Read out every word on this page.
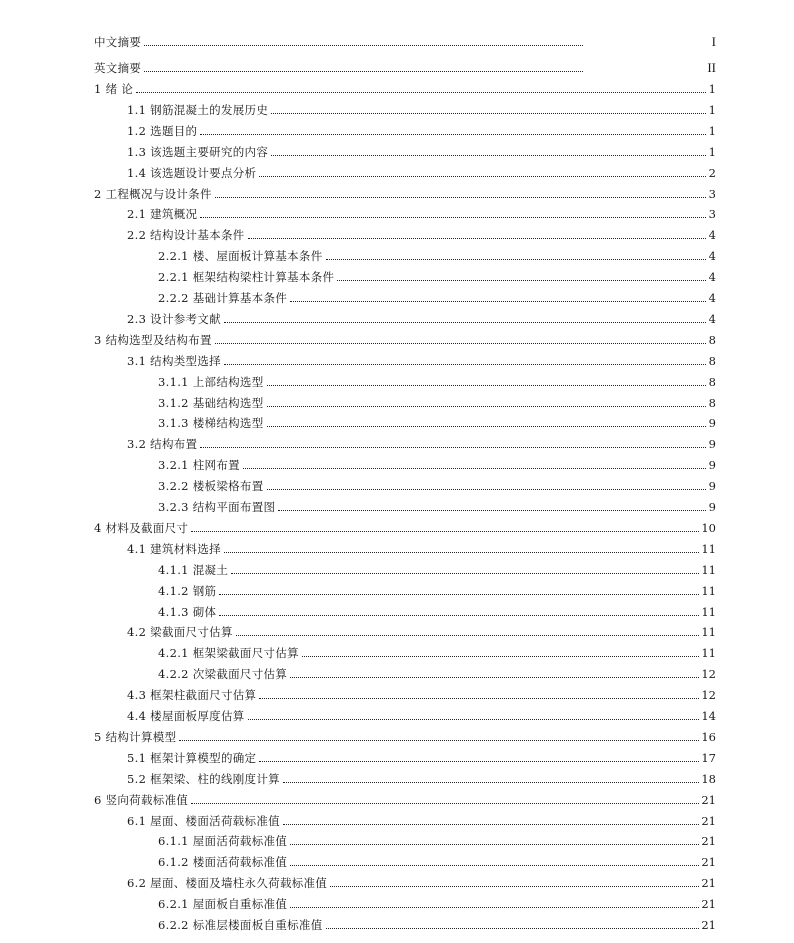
中文摘要	I
英文摘要	II
1 绪 论	1
1.1 钢筋混凝土的发展历史	1
1.2 选题目的	1
1.3 该选题主要研究的内容	1
1.4 该选题设计要点分析	2
2 工程概况与设计条件	3
2.1 建筑概况	3
2.2 结构设计基本条件	4
2.2.1 楼、屋面板计算基本条件	4
2.2.1 框架结构梁柱计算基本条件	4
2.2.2 基础计算基本条件	4
2.3 设计参考文献	4
3 结构选型及结构布置	8
3.1 结构类型选择	8
3.1.1 上部结构选型	8
3.1.2 基础结构选型	8
3.1.3 楼梯结构选型	9
3.2 结构布置	9
3.2.1 柱网布置	9
3.2.2 楼板梁格布置	9
3.2.3 结构平面布置图	9
4 材料及截面尺寸	10
4.1 建筑材料选择	11
4.1.1 混凝土	11
4.1.2 钢筋	11
4.1.3 砌体	11
4.2 梁截面尺寸估算	11
4.2.1 框架梁截面尺寸估算	11
4.2.2 次梁截面尺寸估算	12
4.3 框架柱截面尺寸估算	12
4.4 楼屋面板厚度估算	14
5 结构计算模型	16
5.1 框架计算模型的确定	17
5.2 框架梁、柱的线刚度计算	18
6 竖向荷载标准值	21
6.1 屋面、楼面活荷载标准值	21
6.1.1 屋面活荷载标准值	21
6.1.2 楼面活荷载标准值	21
6.2 屋面、楼面及墙柱永久荷载标准值	21
6.2.1 屋面板自重标准值	21
6.2.2 标准层楼面板自重标准值	21
